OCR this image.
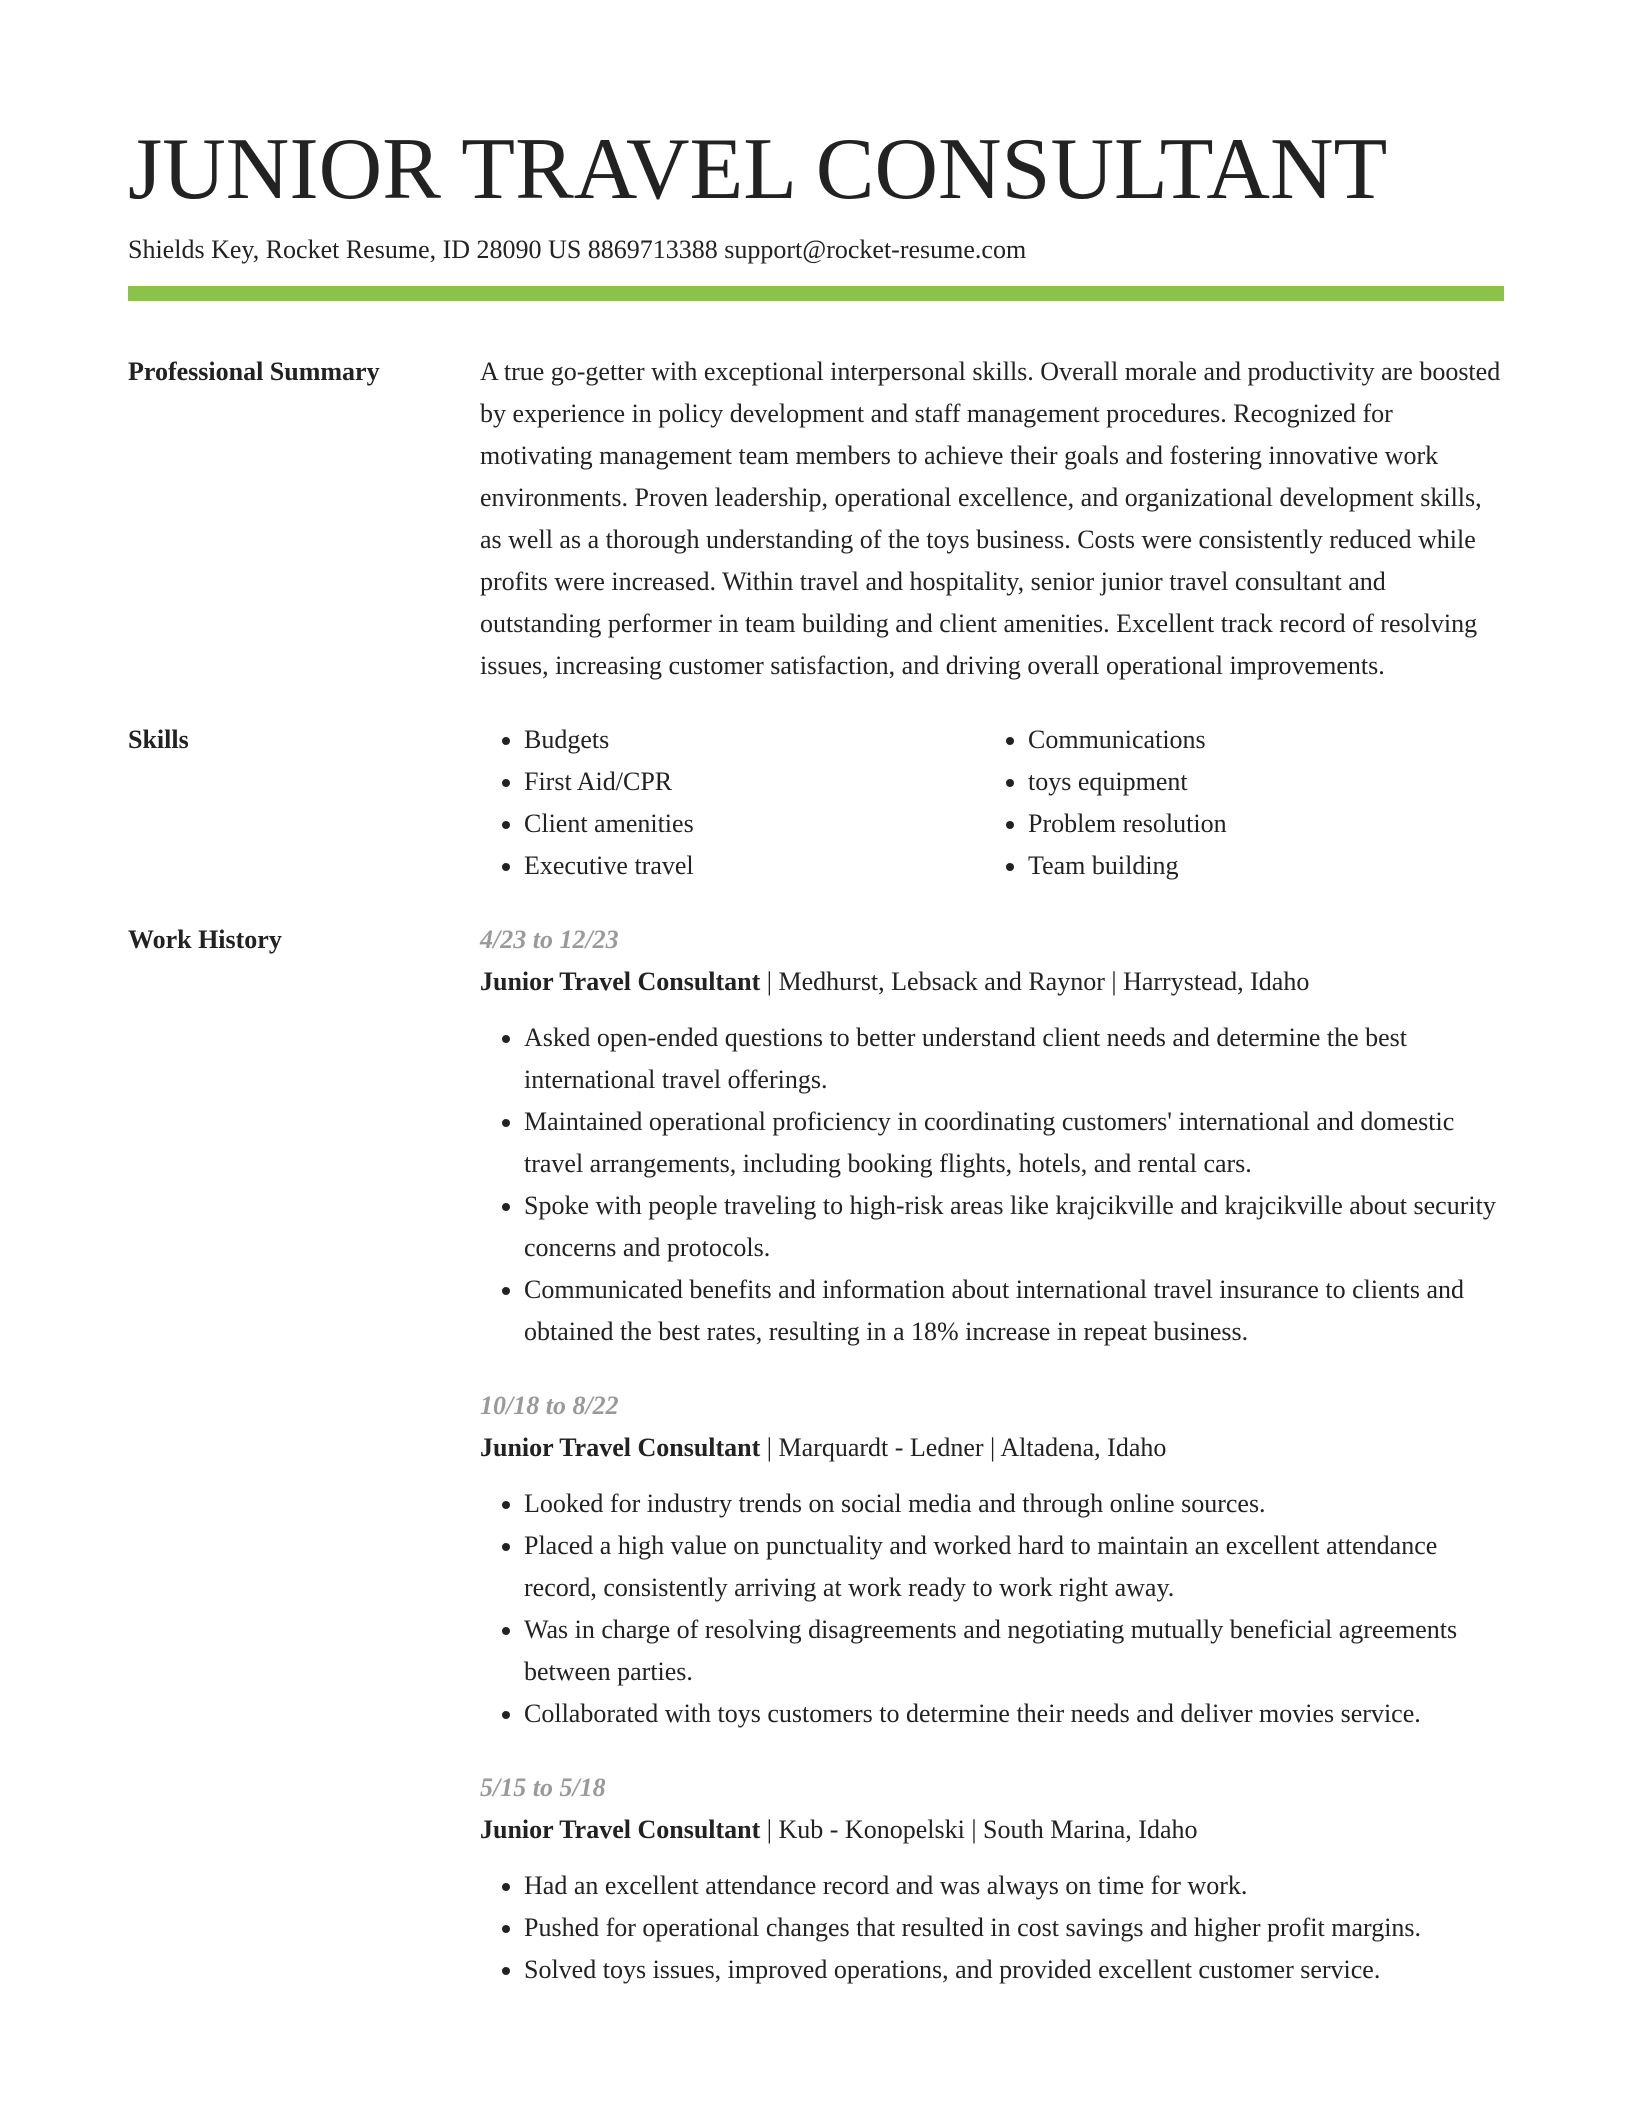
JUNIOR TRAVEL CONSULTANT
Shields Key, Rocket Resume, ID 28090 US 8869713388 support@rocket-resume.com
Professional Summary	A true go-getter with exceptional interpersonal skills. Overall morale and productivity are boosted by experience in policy development and staff management procedures. Recognized for motivating management team members to achieve their goals and fostering innovative work environments. Proven leadership, operational excellence, and organizational development skills, as well as a thorough understanding of the toys business. Costs were consistently reduced while profits were increased. Within travel and hospitality, senior junior travel consultant and outstanding performer in team building and client amenities. Excellent track record of resolving issues, increasing customer satisfaction, and driving overall operational improvements.

Skills
•	Budgets
• First Aid/CPR
• Client amenities
• Executive travel
• Communications
• toys equipment
• Problem resolution
• Team building
Work History	4/23 to 12/23
Junior Travel Consultant | Medhurst, Lebsack and Raynor | Harrystead, Idaho
• Asked open-ended questions to better understand client needs and determine the best international travel offerings.
• Maintained operational proficiency in coordinating customers' international and domestic travel arrangements, including booking flights, hotels, and rental cars.
• Spoke with people traveling to high-risk areas like krajcikville and krajcikville about security concerns and protocols.
• Communicated benefits and information about international travel insurance to clients and obtained the best rates, resulting in a 18% increase in repeat business.
10/18 to 8/22
Junior Travel Consultant | Marquardt - Ledner | Altadena, Idaho
• Looked for industry trends on social media and through online sources.
• Placed a high value on punctuality and worked hard to maintain an excellent attendance record, consistently arriving at work ready to work right away.
• Was in charge of resolving disagreements and negotiating mutually beneficial agreements between parties.
• Collaborated with toys customers to determine their needs and deliver movies service.
5/15 to 5/18
Junior Travel Consultant | Kub - Konopelski | South Marina, Idaho
• Had an excellent attendance record and was always on time for work.
• Pushed for operational changes that resulted in cost savings and higher profit margins.
• Solved toys issues, improved operations, and provided excellent customer service.
